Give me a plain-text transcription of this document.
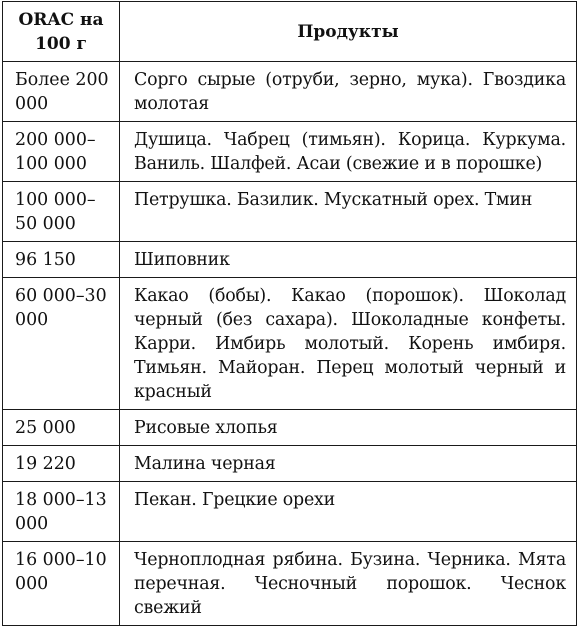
ORAC на 100 г	Продукты
Более 200 000	Сорго сырые (отруби, зерно, мука). Гвоздика молотая
200 000–100 000	Душица. Чабрец (тимьян). Корица. Куркума. Ваниль. Шалфей. Асаи (свежие и в порошке)
100 000–50 000	Петрушка. Базилик. Мускатный орех. Тмин
96 150	Шиповник
60 000–30 000	Какао (бобы). Какао (порошок). Шоколад черный (без сахара). Шоколадные конфеты. Карри. Имбирь молотый. Корень имбиря. Тимьян. Майоран. Перец молотый черный и красный
25 000	Рисовые хлопья
19 220	Малина черная
18 000–13 000	Пекан. Грецкие орехи
16 000–10 000	Черноплодная рябина. Бузина. Черника. Мята перечная. Чесночный порошок. Чеснок свежий
